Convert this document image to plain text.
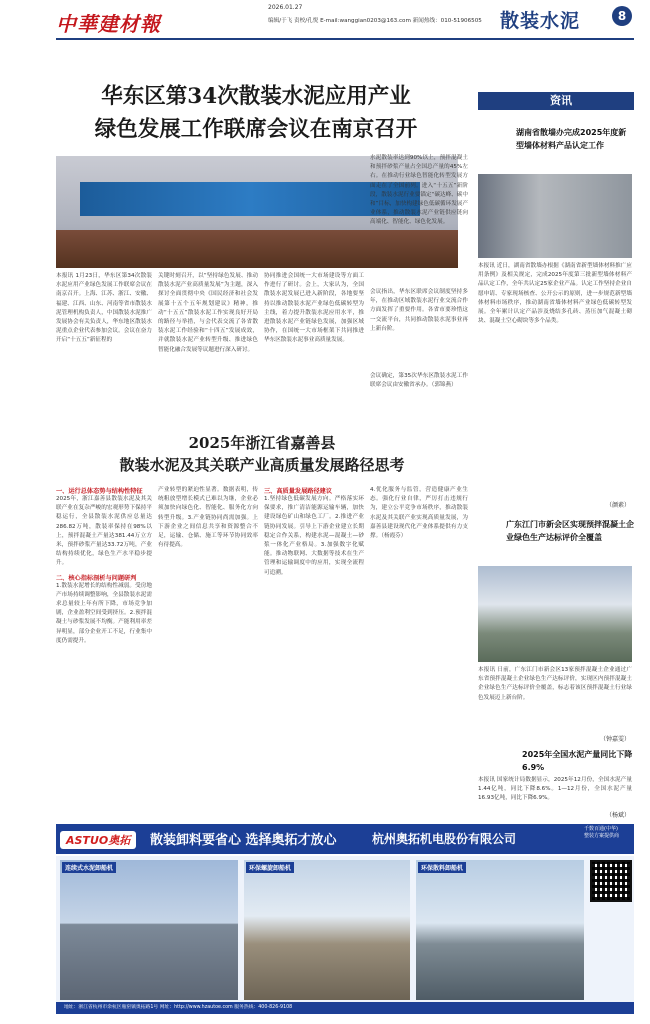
中華建材報
2026.01.27
编辑/于飞 责校/孔悦 E-mail:wanggian0203@163.com 新闻热线：010-51906505 散装水泥	8
华东区第34次散装水泥应用产业
绿色发展工作联席会议在南京召开
本报讯 1月23日，华东区第34次散装水泥应用产业绿色发展工作联席会议在南京召开。上海、江苏、浙江、安徽、福建、江西、山东、河南等省市散装水泥管理机构负责人，中国散装水泥推广发展协会有关负责人，华东地区散装水泥重点企业代表参加会议。会议在奋力开启“十五五”新征程的
关键时刻召开，以“坚持绿色发展、推动散装水泥产业高质量发展”为主题，深入探讨全面贯彻中央《国民经济和社会发展第十五个五年规划建议》精神，推动“十五五”散装水泥工作实现良好开局的路径与举措，与会代表交流了各省散装水泥工作经验和“十四五”发展成效，并就散装水泥产业转型升级、推进绿色智能化融合发展等议题进行深入研讨。
协同推进会国统一大市场建设等方面工作进行了研讨。会上，大家认为，全国散装水泥发展已进入新阶段，各地要坚持以推动散装水泥产业绿色低碳转型为主线，着力提升散装水泥应用水平，推进散装水泥产业链绿色发展，加强区域协作，在国统一大市场框架下共同推进华东区散装水泥事业高质量发展。
水泥散装率达到90%以上，预拌混凝土和预拌砂浆产量占全国总产量的45%左右。在推动行业绿色智能化转型发展方面走在了全国前列。进入“十五五”新阶段，散装水泥行业要锚定“碳达峰、碳中和”目标，加快构建绿色低碳循环发展产业体系，推动散装水泥产业链供应链向高端化、智能化、绿色化发展。
会议指出，华东区联席会议制度坚持多年，在推动区域散装水泥行业交流合作方面发挥了重要作用。各省市要珍惜这一交流平台，共同推动散装水泥事业再上新台阶。
会议确定，第35次华东区散装水泥工作联席会议由安徽省承办。（郭锦燕）
2025年浙江省嘉善县
散装水泥及其关联产业高质量发展路径思考
一、运行总体态势与结构性特征
2025年，浙江嘉善县散装水泥及其关联产业在复杂严峻的宏观形势下保持平稳运行，全县散装水泥供应总量达286.82万吨，散装率保持在98%以上，预拌混凝土产量达381.44万立方米，预拌砂浆产量达33.72万吨，产业结构持续优化，绿色生产水平稳步提升。
二、核心指标剖析与问题研判
1.散装水泥增长的结构性减弱。受房地产市场持续调整影响，全县散装水泥需求总量较上年有所下降，市场竞争加剧，企业盈利空间受到挤压。2.预拌混凝土与砂浆发展不均衡。产能利用率差异明显，部分企业开工不足，行业集中度仍需提升。
产业转型的紧迫性显著。数据表明，传统粗放型增长模式已难以为继，企业必须加快向绿色化、智能化、服务化方向转型升级。3.产业链协同尚需加强。上下游企业之间信息共享和资源整合不足，运输、仓储、施工等环节协同效率有待提高。
三、高质量发展路径建议
1.坚持绿色低碳发展方向。严格落实环保要求，推广清洁能源运输车辆，加快建设绿色矿山和绿色工厂。2.推进产业链协同发展。引导上下游企业建立长期稳定合作关系，构建水泥—混凝土—砂浆一体化产业格局。3.加强数字化赋能。推动物联网、大数据等技术在生产管理和运输调度中的应用，实现全流程可追溯。
4.优化服务与监管，营造健康产业生态。强化行业自律，严厉打击违规行为，建立公平竞争市场秩序，推动散装水泥及其关联产业实现高质量发展，为嘉善县建设现代化产业体系提供有力支撑。（杨霞芬）
资讯
湖南省散墙办完成2025年度新型墙体材料产品认定工作
本报讯 近日，湖南省散墙办根据《湖南省新型墙体材料推广应用条例》及相关规定，完成2025年度第三批新型墙体材料产品认定工作，全年共认定25家企业产品。认定工作坚持企业自愿申请、专家现场核查、公开公示的原则，进一步规范新型墙体材料市场秩序，推动湖南省墙体材料产业绿色低碳转型发展。全年累计认定产品涉及烧结多孔砖、蒸压加气混凝土砌块、混凝土空心砌块等多个品类。
（颜素）
广东江门市新会区实现预拌混凝土企业绿色生产达标评价全覆盖
本报讯 日前，广东江门市新会区13家预拌混凝土企业通过广东省预拌混凝土企业绿色生产达标评价，实现区内预拌混凝土企业绿色生产达标评价全覆盖，标志着该区预拌混凝土行业绿色发展迈上新台阶。
（钟嘉雯）
2025年全国水泥产量同比下降6.9%
本报讯 国家统计局数据显示，2025年12月份，全国水泥产量1.44亿吨，同比下降8.6%。1—12月份，全国水泥产量16.93亿吨，同比下降6.9%。
（杨斌）
ASTUO奥拓	散装卸料要省心 选择奥拓才放心	杭州奥拓机电股份有限公司
千数百通(中华)
整装方案提供商
连续式水泥卸船机	环保螺旋卸船机	环保散料卸船机
地址：浙江省杭州市余杭区瓶窑镇奥拓路1号 网址：http://www.hzautoe.com 服务热线：400-826-9108
